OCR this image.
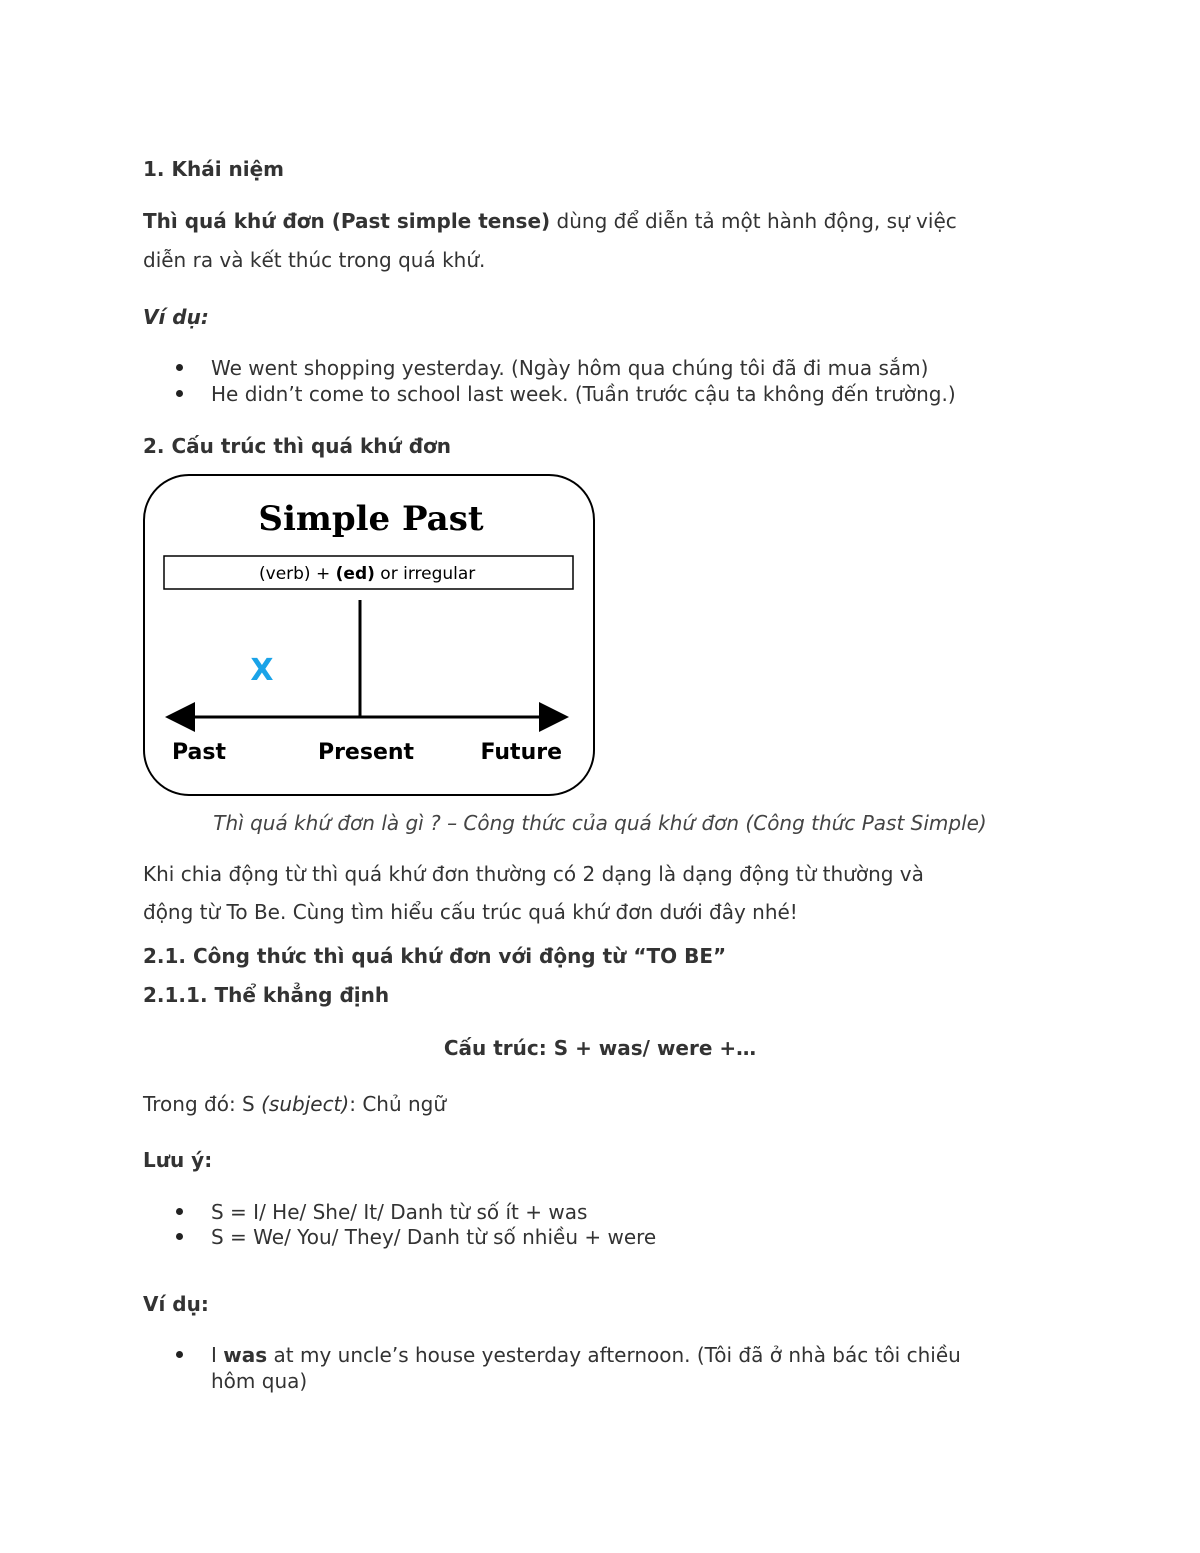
1. Khái niệm
Thì quá khứ đơn (Past simple tense) dùng để diễn tả một hành động, sự việc
diễn ra và kết thúc trong quá khứ.
Ví dụ:
We went shopping yesterday. (Ngày hôm qua chúng tôi đã đi mua sắm)
He didn’t come to school last week. (Tuần trước cậu ta không đến trường.)
2. Cấu trúc thì quá khứ đơn
Simple Past
(verb) + (ed) or irregular
X
Past	Present	Future
Thì quá khứ đơn là gì ? – Công thức của quá khứ đơn (Công thức Past Simple)
Khi chia động từ thì quá khứ đơn thường có 2 dạng là dạng động từ thường và
động từ To Be. Cùng tìm hiểu cấu trúc quá khứ đơn dưới đây nhé!
2.1. Công thức thì quá khứ đơn với động từ “TO BE”
2.1.1. Thể khẳng định
Cấu trúc: S + was/ were +…
Trong đó: S (subject): Chủ ngữ
Lưu ý:
S = I/ He/ She/ It/ Danh từ số ít + was
S = We/ You/ They/ Danh từ số nhiều + were
Ví dụ:
I was at my uncle’s house yesterday afternoon. (Tôi đã ở nhà bác tôi chiều
hôm qua)
